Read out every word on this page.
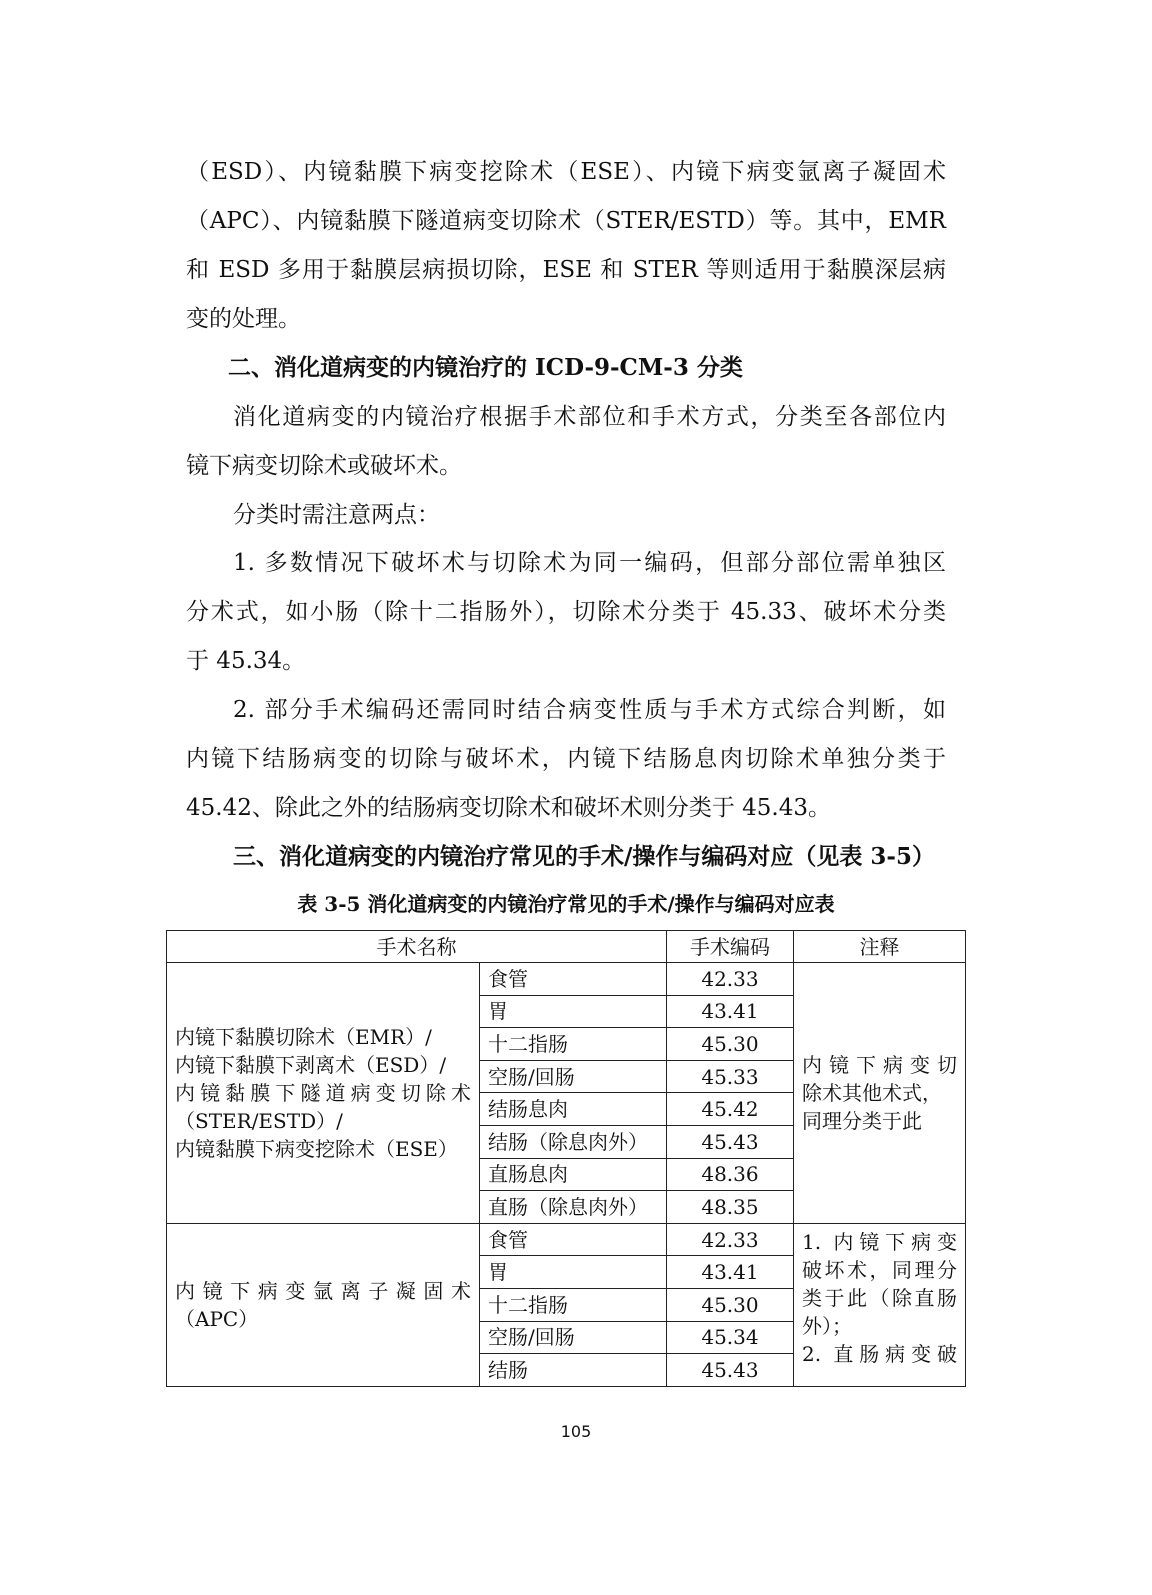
（ESD）、内镜黏膜下病变挖除术（ESE）、内镜下病变氩离子凝固术
（APC）、内镜黏膜下隧道病变切除术（STER/ESTD）等。其中，EMR
和 ESD 多用于黏膜层病损切除，ESE 和 STER 等则适用于黏膜深层病
变的处理。
二、消化道病变的内镜治疗的 ICD-9-CM-3 分类
消化道病变的内镜治疗根据手术部位和手术方式，分类至各部位内
镜下病变切除术或破坏术。
分类时需注意两点：
1. 多数情况下破坏术与切除术为同一编码，但部分部位需单独区
分术式，如小肠（除十二指肠外），切除术分类于 45.33、破坏术分类
于 45.34。
2. 部分手术编码还需同时结合病变性质与手术方式综合判断，如
内镜下结肠病变的切除与破坏术，内镜下结肠息肉切除术单独分类于
45.42、除此之外的结肠病变切除术和破坏术则分类于 45.43。
三、消化道病变的内镜治疗常见的手术/操作与编码对应（见表 3-5）
表 3-5 消化道病变的内镜治疗常见的手术/操作与编码对应表
手术名称		手术编码	注释

内镜下黏膜切除术（EMR）/
内镜下黏膜下剥离术（ESD）/
内镜黏膜下隧道病变切除术
（STER/ESTD）/
内镜黏膜下病变挖除术（ESE）	食管	42.33	内镜下病变切
除术其他术式，
同理分类于此

	胃	43.41	
	十二指肠	45.30	
	空肠/回肠	45.33	
	结肠息肉	45.42	
	结肠（除息肉外）	45.43	
	直肠息肉	48.36	
	直肠（除息肉外）	48.35	

内镜下病变氩离子凝固术
（APC）	食管	42.33	1. 内镜下病变
破坏术，同理分
类于此（除直肠
外）；
2. 直肠病变破

	胃	43.41	
	十二指肠	45.30	
	空肠/回肠	45.34	
	结肠	45.43	
105
